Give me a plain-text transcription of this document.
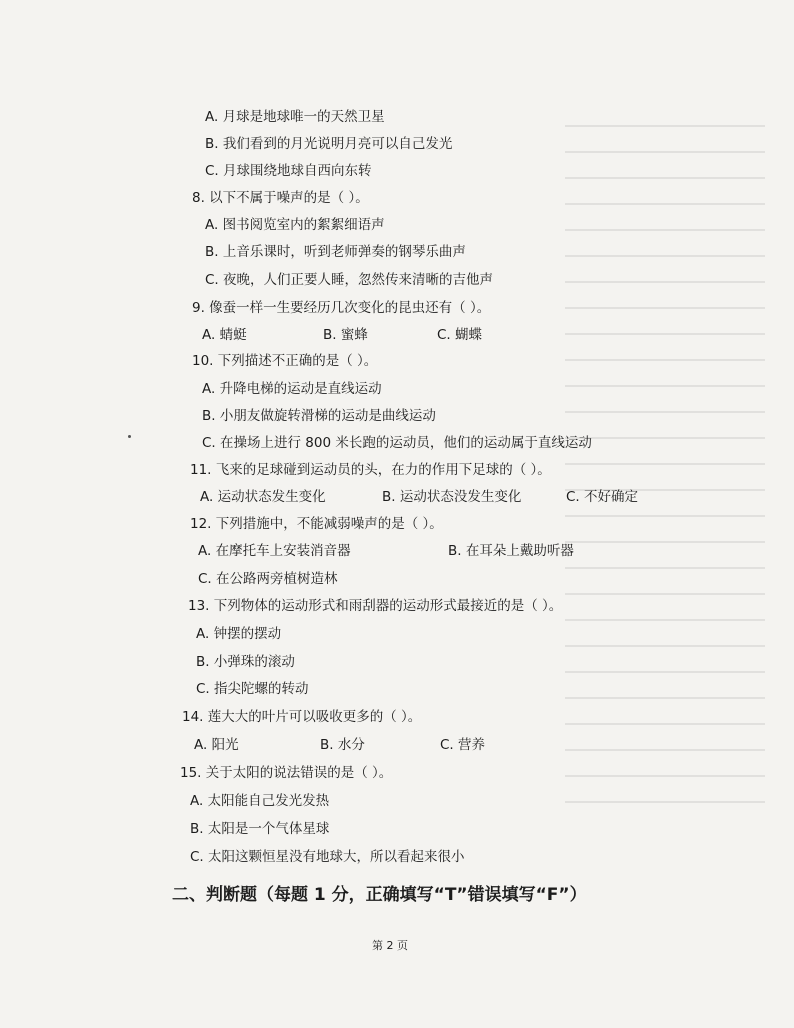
A. 月球是地球唯一的天然卫星
B. 我们看到的月光说明月亮可以自己发光
C. 月球围绕地球自西向东转
8. 以下不属于噪声的是（ ）。
A. 图书阅览室内的絮絮细语声
B. 上音乐课时，听到老师弹奏的钢琴乐曲声
C. 夜晚，人们正要人睡，忽然传来清晰的吉他声
9. 像蚕一样一生要经历几次变化的昆虫还有（ ）。
A. 蜻蜓	B. 蜜蜂	C. 蝴蝶
10. 下列描述不正确的是（ ）。
A. 升降电梯的运动是直线运动
B. 小朋友做旋转滑梯的运动是曲线运动
C. 在操场上进行 800 米长跑的运动员，他们的运动属于直线运动
11. 飞来的足球碰到运动员的头，在力的作用下足球的（ ）。
A. 运动状态发生变化	B. 运动状态没发生变化	C. 不好确定
12. 下列措施中，不能减弱噪声的是（ ）。
A. 在摩托车上安装消音器	B. 在耳朵上戴助听器
C. 在公路两旁植树造林
13. 下列物体的运动形式和雨刮器的运动形式最接近的是（ ）。
A. 钟摆的摆动
B. 小弹珠的滚动
C. 指尖陀螺的转动
14. 莲大大的叶片可以吸收更多的（ ）。
A. 阳光	B. 水分	C. 营养
15. 关于太阳的说法错误的是（ ）。
A. 太阳能自己发光发热
B. 太阳是一个气体星球
C. 太阳这颗恒星没有地球大，所以看起来很小
二、判断题（每题 1 分，正确填写“T”错误填写“F”）
第 2 页
